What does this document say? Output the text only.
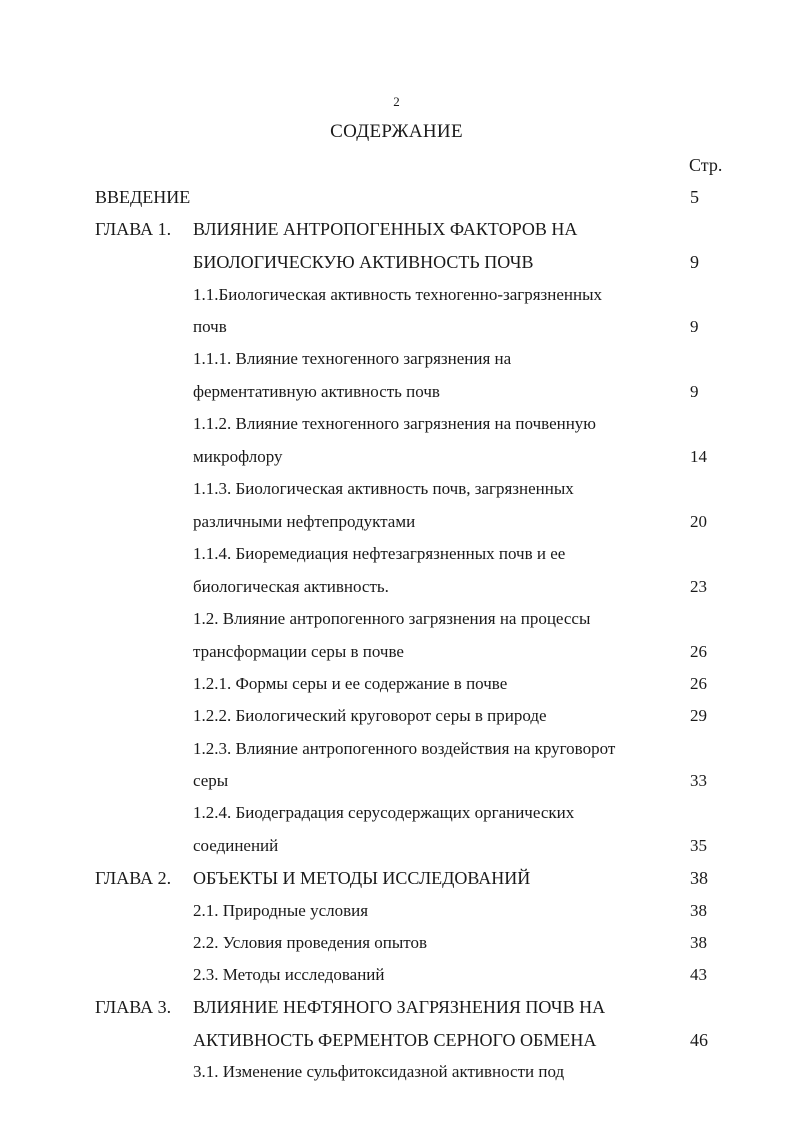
2
СОДЕРЖАНИЕ
Стр.
ВВЕДЕНИЕ	5
ГЛАВА 1. ВЛИЯНИЕ АНТРОПОГЕННЫХ ФАКТОРОВ НА
БИОЛОГИЧЕСКУЮ АКТИВНОСТЬ ПОЧВ	9
1.1.Биологическая активность техногенно-загрязненных
почв	9
1.1.1. Влияние техногенного загрязнения на
ферментативную активность почв	9
1.1.2. Влияние техногенного загрязнения на почвенную
микрофлору	14
1.1.3. Биологическая активность почв, загрязненных
различными нефтепродуктами	20
1.1.4. Биоремедиация нефтезагрязненных почв и ее
биологическая активность.	23
1.2. Влияние антропогенного загрязнения на процессы
трансформации серы в почве	26
1.2.1. Формы серы и ее содержание в почве	26
1.2.2. Биологический круговорот серы в природе	29
1.2.3. Влияние антропогенного воздействия на круговорот
серы	33
1.2.4. Биодеградация серусодержащих органических
соединений	35
ГЛАВА 2. ОБЪЕКТЫ И МЕТОДЫ ИССЛЕДОВАНИЙ	38
2.1. Природные условия	38
2.2. Условия проведения опытов	38
2.3. Методы исследований	43
ГЛАВА 3. ВЛИЯНИЕ НЕФТЯНОГО ЗАГРЯЗНЕНИЯ ПОЧВ НА
АКТИВНОСТЬ ФЕРМЕНТОВ СЕРНОГО ОБМЕНА	46
3.1. Изменение сульфитоксидазной активности под
